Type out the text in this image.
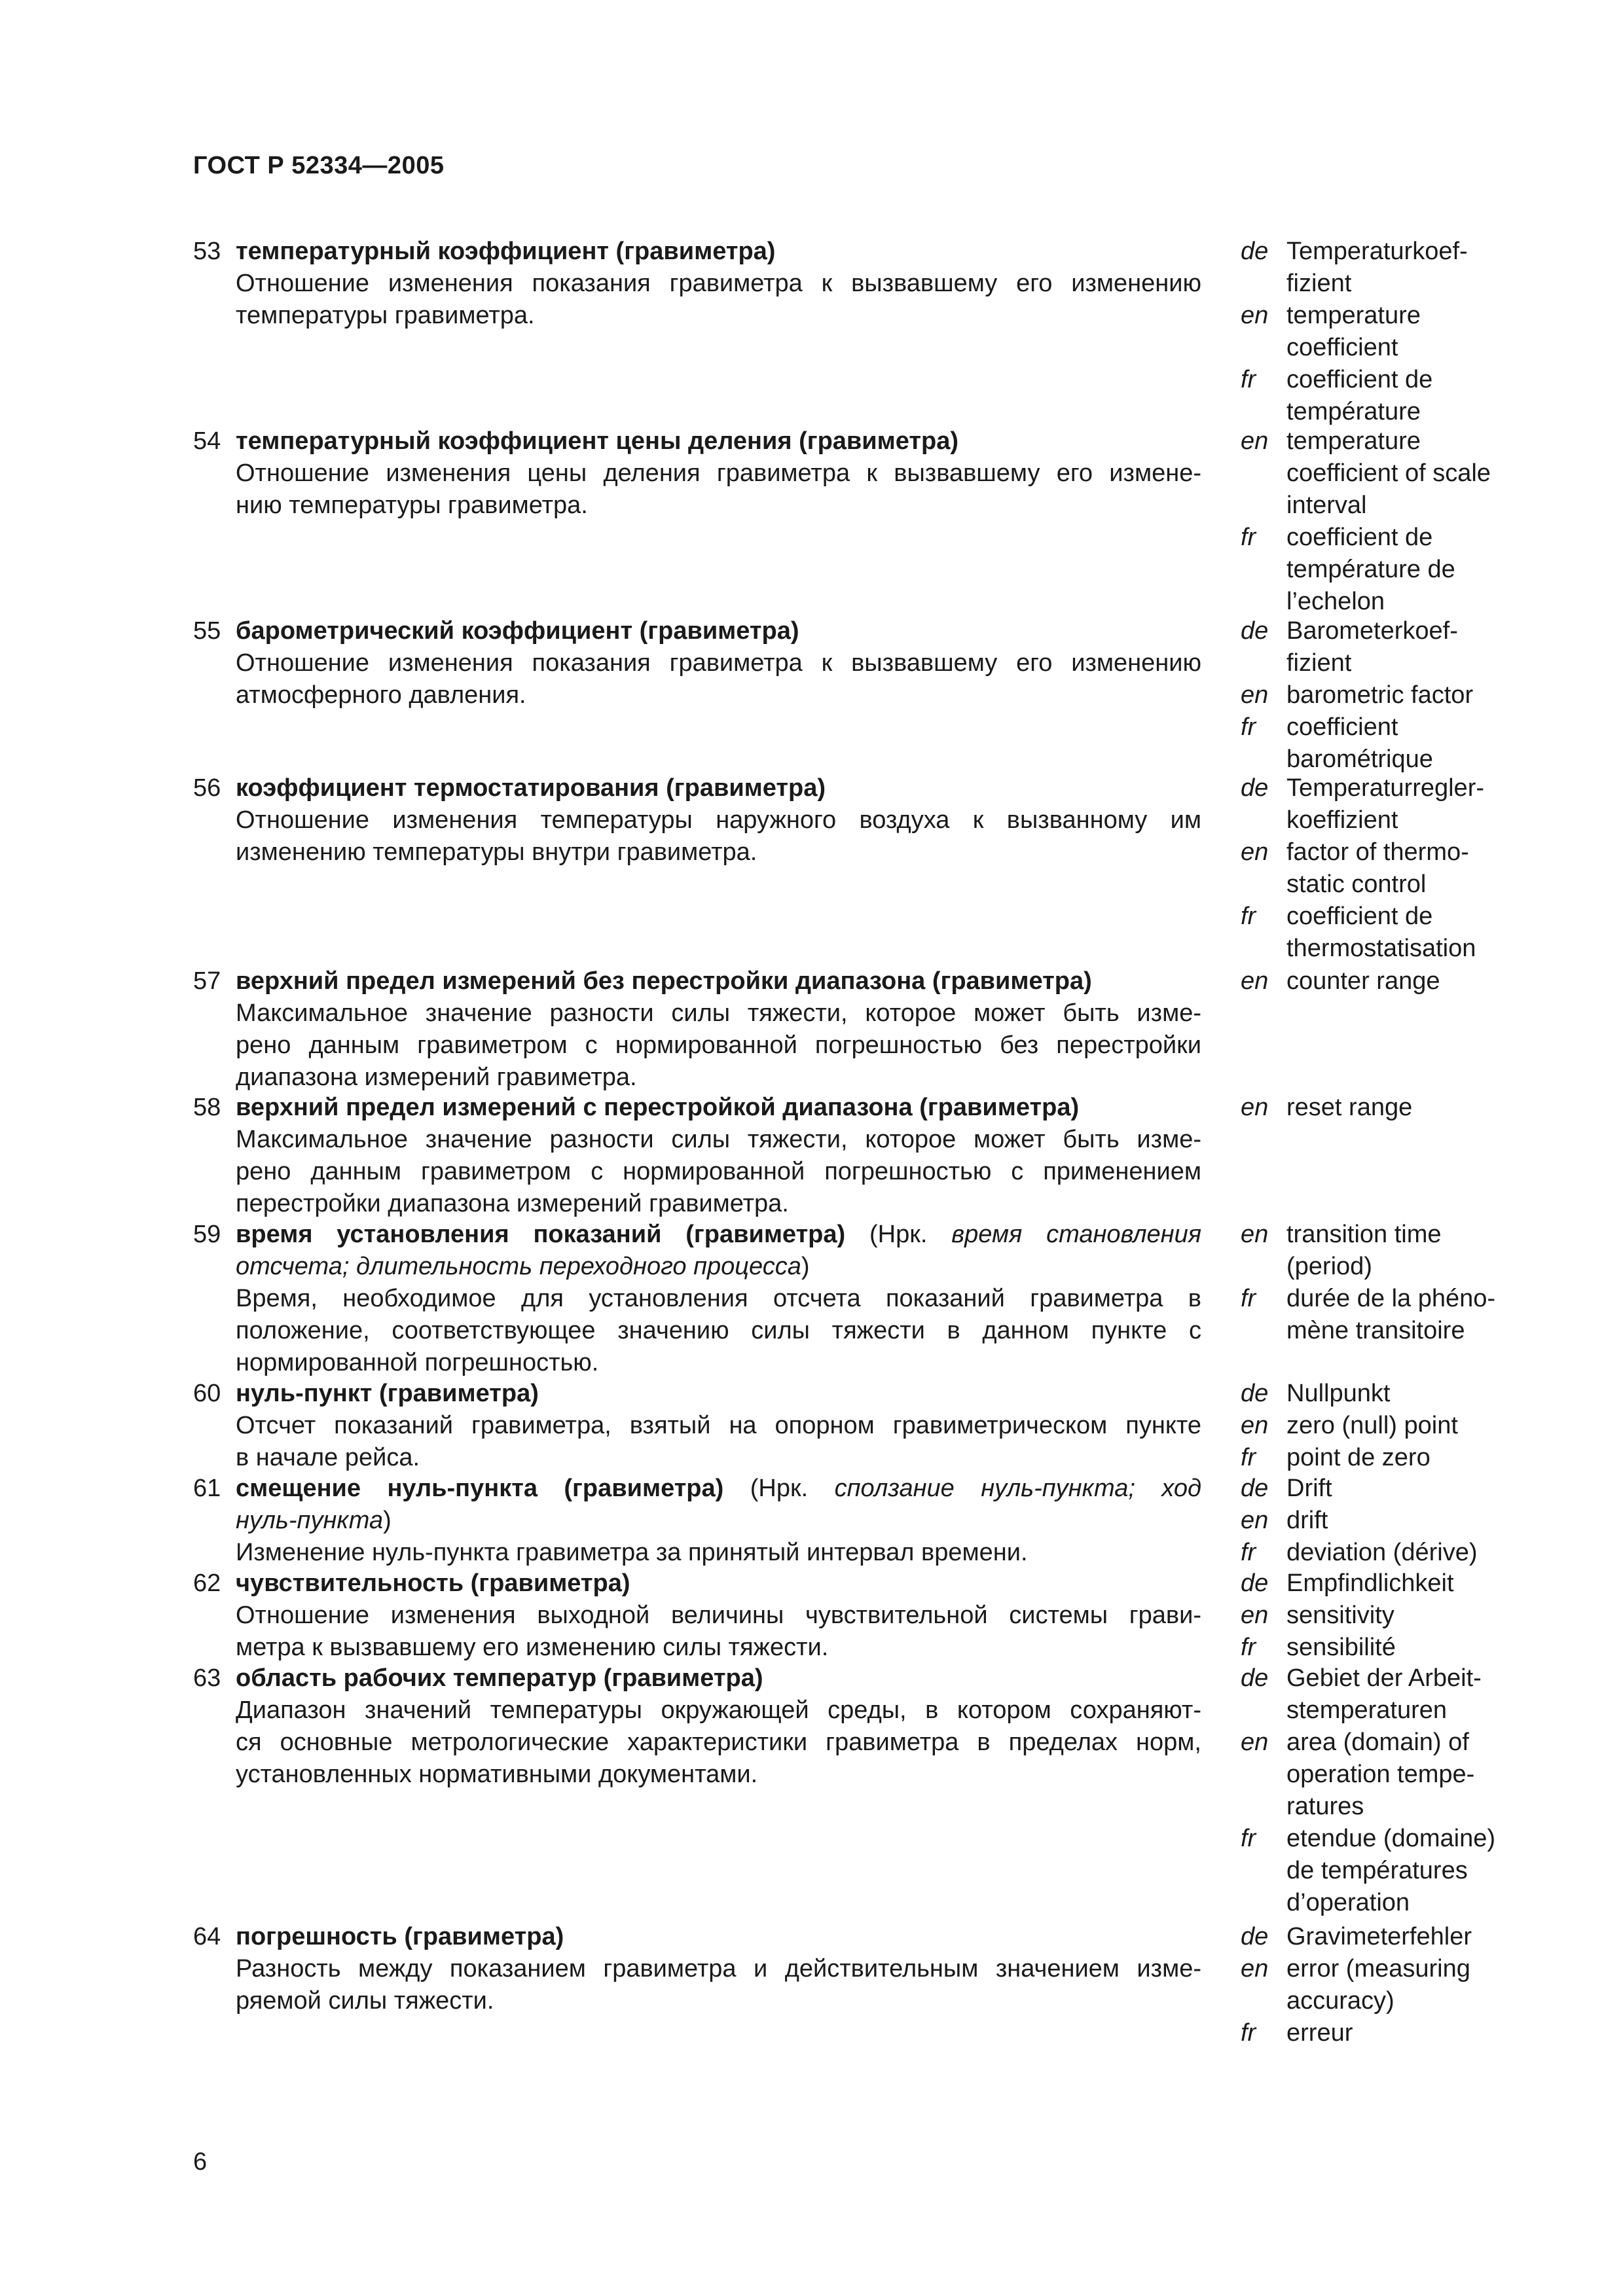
ГОСТ Р 52334—2005
53 температурный коэффициент (гравиметра)
Отношение изменения показания гравиметра к вызвавшему его изменению
температуры гравиметра.
de Temperaturkoef-
fizient
en temperature
coefficient
fr coefficient de
température
54 температурный коэффициент цены деления (гравиметра)
Отношение изменения цены деления гравиметра к вызвавшему его измене-
нию температуры гравиметра.
en temperature
coefficient of scale
interval
fr coefficient de
température de
l’echelon
55 барометрический коэффициент (гравиметра)
Отношение изменения показания гравиметра к вызвавшему его изменению
атмосферного давления.
de Barometerkoef-
fizient
en barometric factor
fr coefficient
barométrique
56 коэффициент термостатирования (гравиметра)
Отношение изменения температуры наружного воздуха к вызванному им
изменению температуры внутри гравиметра.
de Temperaturregler-
koeffizient
en factor of thermo-
static control
fr coefficient de
thermostatisation
57 верхний предел измерений без перестройки диапазона (гравиметра)
Максимальное значение разности силы тяжести, которое может быть изме-
рено данным гравиметром с нормированной погрешностью без перестройки
диапазона измерений гравиметра.
en counter range
58 верхний предел измерений с перестройкой диапазона (гравиметра)
Максимальное значение разности силы тяжести, которое может быть изме-
рено данным гравиметром с нормированной погрешностью с применением
перестройки диапазона измерений гравиметра.
en reset range
59 время установления показаний (гравиметра) (Нрк. время становления
отсчета; длительность переходного процесса)
Время, необходимое для установления отсчета показаний гравиметра в
положение, соответствующее значению силы тяжести в данном пункте с
нормированной погрешностью.
en transition time
(period)
fr durée de la phéno-
mène transitoire
60 нуль-пункт (гравиметра)
Отсчет показаний гравиметра, взятый на опорном гравиметрическом пункте
в начале рейса.
de Nullpunkt
en zero (null) point
fr point de zero
61 смещение нуль-пункта (гравиметра) (Нрк. сползание нуль-пункта; ход
нуль-пункта)
Изменение нуль-пункта гравиметра за принятый интервал времени.
de Drift
en drift
fr deviation (dérive)
62 чувствительность (гравиметра)
Отношение изменения выходной величины чувствительной системы грави-
метра к вызвавшему его изменению силы тяжести.
de Empfindlichkeit
en sensitivity
fr sensibilité
63 область рабочих температур (гравиметра)
Диапазон значений температуры окружающей среды, в котором сохраняют-
ся основные метрологические характеристики гравиметра в пределах норм,
установленных нормативными документами.
de Gebiet der Arbeit-
stemperaturen
en area (domain) of
operation tempe-
ratures
fr etendue (domaine)
de températures
d’operation
64 погрешность (гравиметра)
Разность между показанием гравиметра и действительным значением изме-
ряемой силы тяжести.
de Gravimeterfehler
en error (measuring
accuracy)
fr erreur
6
